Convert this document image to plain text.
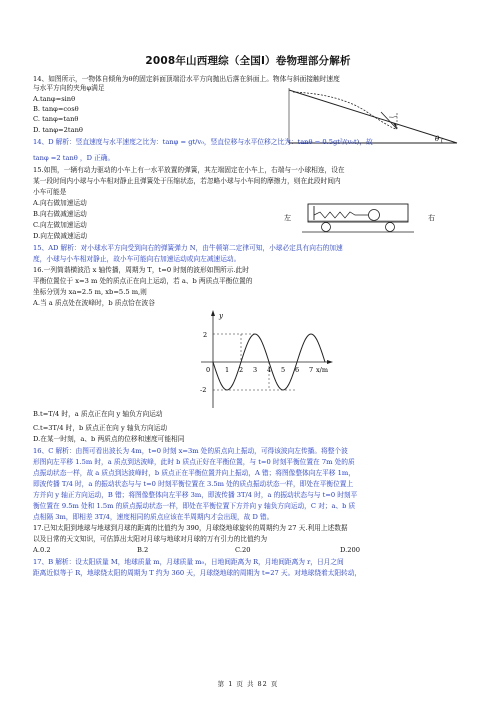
2008年山西理综（全国Ⅰ）卷物理部分解析
14、如图所示，一物体自倾角为θ的固定斜面顶端沿水平方向抛出后落在斜面上。物体与斜面接触时速度
与水平方向的夹角φ满足
A.tanφ=sinθ
B. tanφ=cosθ
C. tanφ=tanθ
D. tanφ=2tanθ
θ
14、D 解析：竖直速度与水平速度之比为：tanφ = gt/v₀，竖直位移与水平位移之比为：tanθ = 0.5gt²/(v₀t)，故
tanφ =2 tanθ ，D 正确。
15.如图，一辆有动力驱动的小车上有一水平放置的弹簧，其左端固定在小车上，右端与一小球相连，设在
某一段时间内小球与小车相对静止且弹簧处于压缩状态，若忽略小球与小车间的摩擦力，则在此段时间内
小车可能是
A.向右做加速运动
B.向右做减速运动
C.向左做加速运动
D.向左做减速运动
左	右
15、AD 解析：对小球水平方向受到向右的弹簧弹力 N，由牛顿第二定律可知，小球必定具有向右的加速
度，小球与小车相对静止，故小车可能向右加速运动或向左减速运动。
16.一列简谐横波沿 x 轴传播，周期为 T，t=0 时刻的波形如图所示.此时
平衡位置位于 x=3 m 处的质点正在向上运动，若 a、b 两质点平衡位置的
坐标分别为 xa=2.5 m, xb=5.5 m,则
A.当 a 质点处在波峰时，b 质点恰在波谷
y
x/m
2
-2
0 1 2 3 4 5 6 7
B.t=T/4 时，a 质点正在向 y 轴负方向运动
C.t=3T/4 时，b 质点正在向 y 轴负方向运动
D.在某一时刻，a、b 两质点的位移和速度可能相同
16、C 解析：由图可看出波长为 4m，t=0 时刻 x=3m 处的质点向上振动，可得该波向左传播。将整个波
形图向左平移 1.5m 时，a 质点到达波峰，此时 b 质点正好在平衡位置，与 t=0 时刻平衡位置在 7m 处的质
点振动状态一样，故 a 质点到达波峰时，b 质点正在平衡位置并向上振动，A 错；将图像整体向左平移 1m，
即波传播 T/4 时，a 的振动状态与与 t=0 时刻平衡位置在 3.5m 处的质点振动状态一样，即处在平衡位置上
方并向 y 轴正方向运动，B 错；将图像整体向左平移 3m，即波传播 3T/4 时，a 的振动状态与与 t=0 时刻平
衡位置在 9.5m 处和 1.5m 的质点振动状态一样，即处在平衡位置下方并向 y 轴负方向运动，C 对；a、b 质
点相隔 3m，即相差 3T/4，速度相同的质点应该在半周期内才会出现，故 D 错。
17.已知太阳到地球与地球到月球的距离的比值约为 390，月球绕地球旋转的周期约为 27 天.利用上述数据
以及日常的天文知识，可估算出太阳对月球与地球对月球的万有引力的比值约为
A.0.2	B.2	C.20	D.200
17、B 解析：设太阳质量 M，地球质量 m，月球质量 m₀，日地间距离为 R，月地间距离为 r，日月之间
距离近似等于 R，地球绕太阳的周期为 T 约为 360 天，月球绕地球的周期为 t=27 天。对地球绕着太阳转动，
第 1 页 共 82 页
